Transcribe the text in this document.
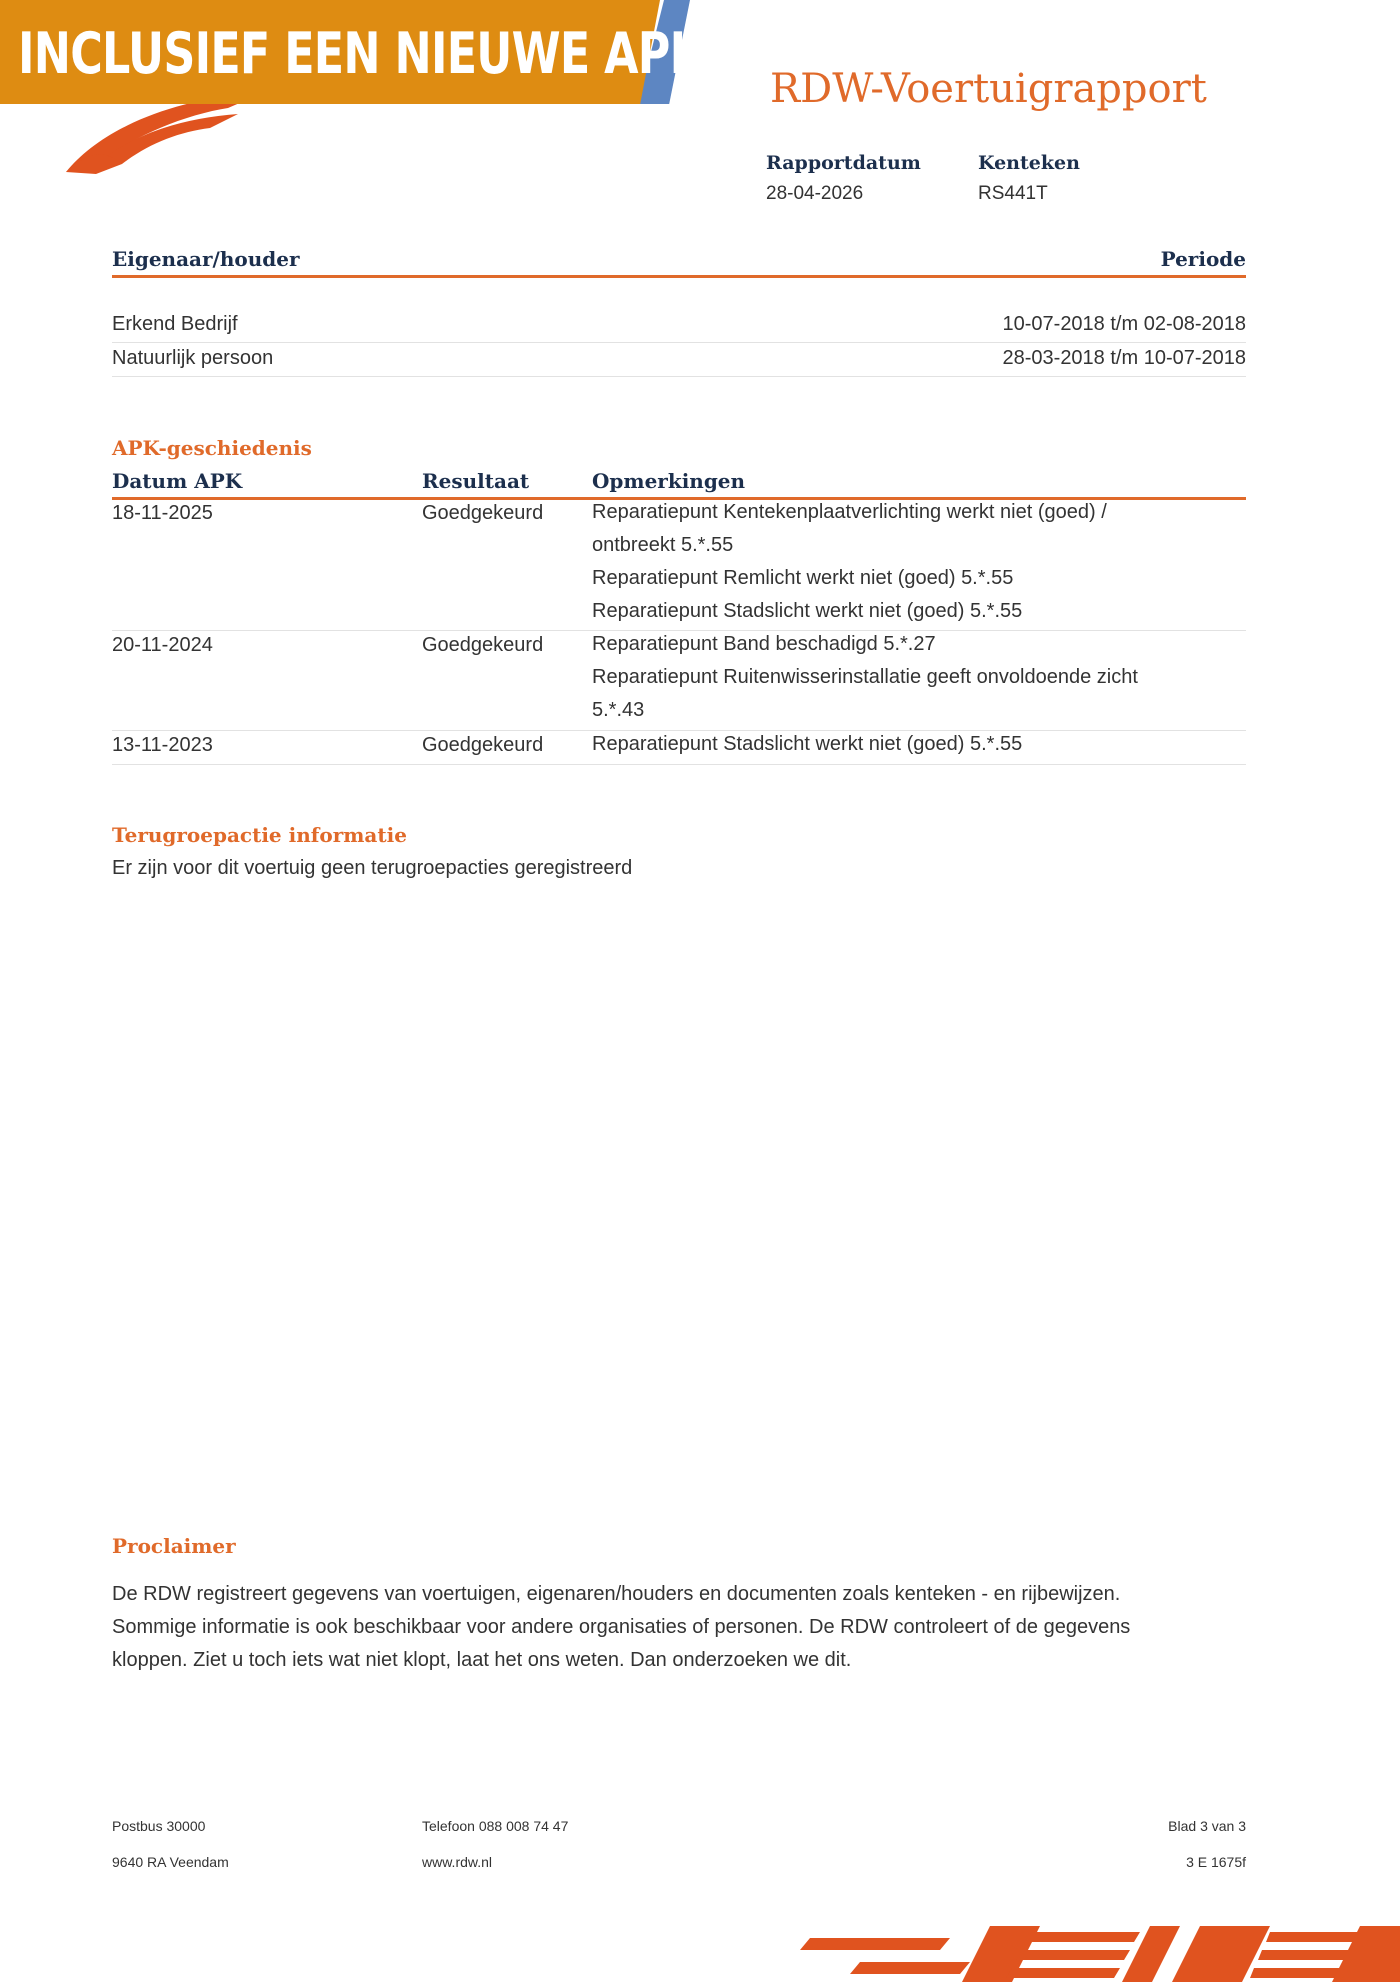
INCLUSIEF EEN NIEUWE APK
RDW-Voertuigrapport
Rapportdatum
28-04-2026
Kenteken
RS441T
Eigenaar/houder	Periode
Erkend Bedrijf	10-07-2018 t/m 02-08-2018
Natuurlijk persoon	28-03-2018 t/m 10-07-2018
APK-geschiedenis
Datum APK	Resultaat	Opmerkingen
18-11-2025	Goedgekeurd Reparatiepunt Kentekenplaatverlichting werkt niet (goed) /
ontbreekt 5.*.55
Reparatiepunt Remlicht werkt niet (goed) 5.*.55
Reparatiepunt Stadslicht werkt niet (goed) 5.*.55
20-11-2024	Goedgekeurd Reparatiepunt Band beschadigd 5.*.27
Reparatiepunt Ruitenwisserinstallatie geeft onvoldoende zicht
5.*.43
13-11-2023	Goedgekeurd Reparatiepunt Stadslicht werkt niet (goed) 5.*.55
Terugroepactie informatie
Er zijn voor dit voertuig geen terugroepacties geregistreerd
Proclaimer
De RDW registreert gegevens van voertuigen, eigenaren/houders en documenten zoals kenteken - en rijbewijzen.
Sommige informatie is ook beschikbaar voor andere organisaties of personen. De RDW controleert of de gegevens
kloppen. Ziet u toch iets wat niet klopt, laat het ons weten. Dan onderzoeken we dit.
Postbus 30000
9640 RA Veendam
Telefoon 088 008 74 47
www.rdw.nl
Blad 3 van 3
3 E 1675f
